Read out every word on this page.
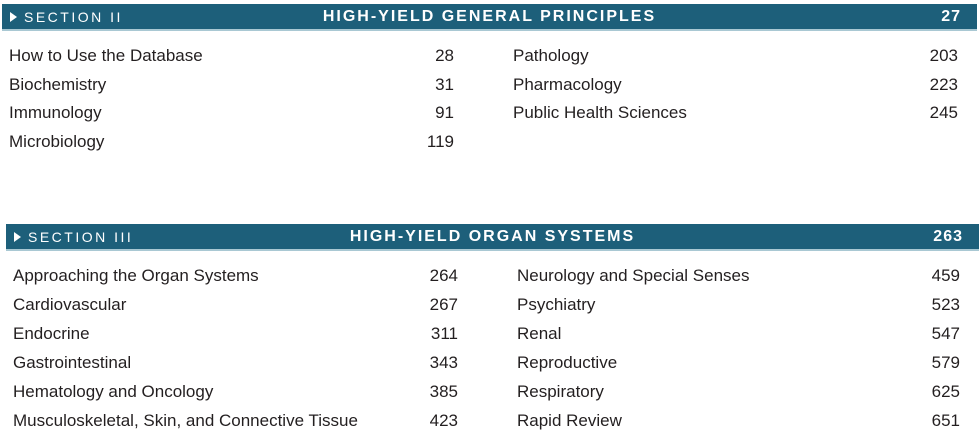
SECTION II	HIGH-YIELD GENERAL PRINCIPLES	27
How to Use the Database	28
Biochemistry	31
Immunology	91
Microbiology	119
Pathology	203
Pharmacology	223
Public Health Sciences	245
SECTION III	HIGH-YIELD ORGAN SYSTEMS	263
Approaching the Organ Systems	264
Cardiovascular	267
Endocrine	311
Gastrointestinal	343
Hematology and Oncology	385
Musculoskeletal, Skin, and Connective Tissue	423
Neurology and Special Senses	459
Psychiatry	523
Renal	547
Reproductive	579
Respiratory	625
Rapid Review	651
